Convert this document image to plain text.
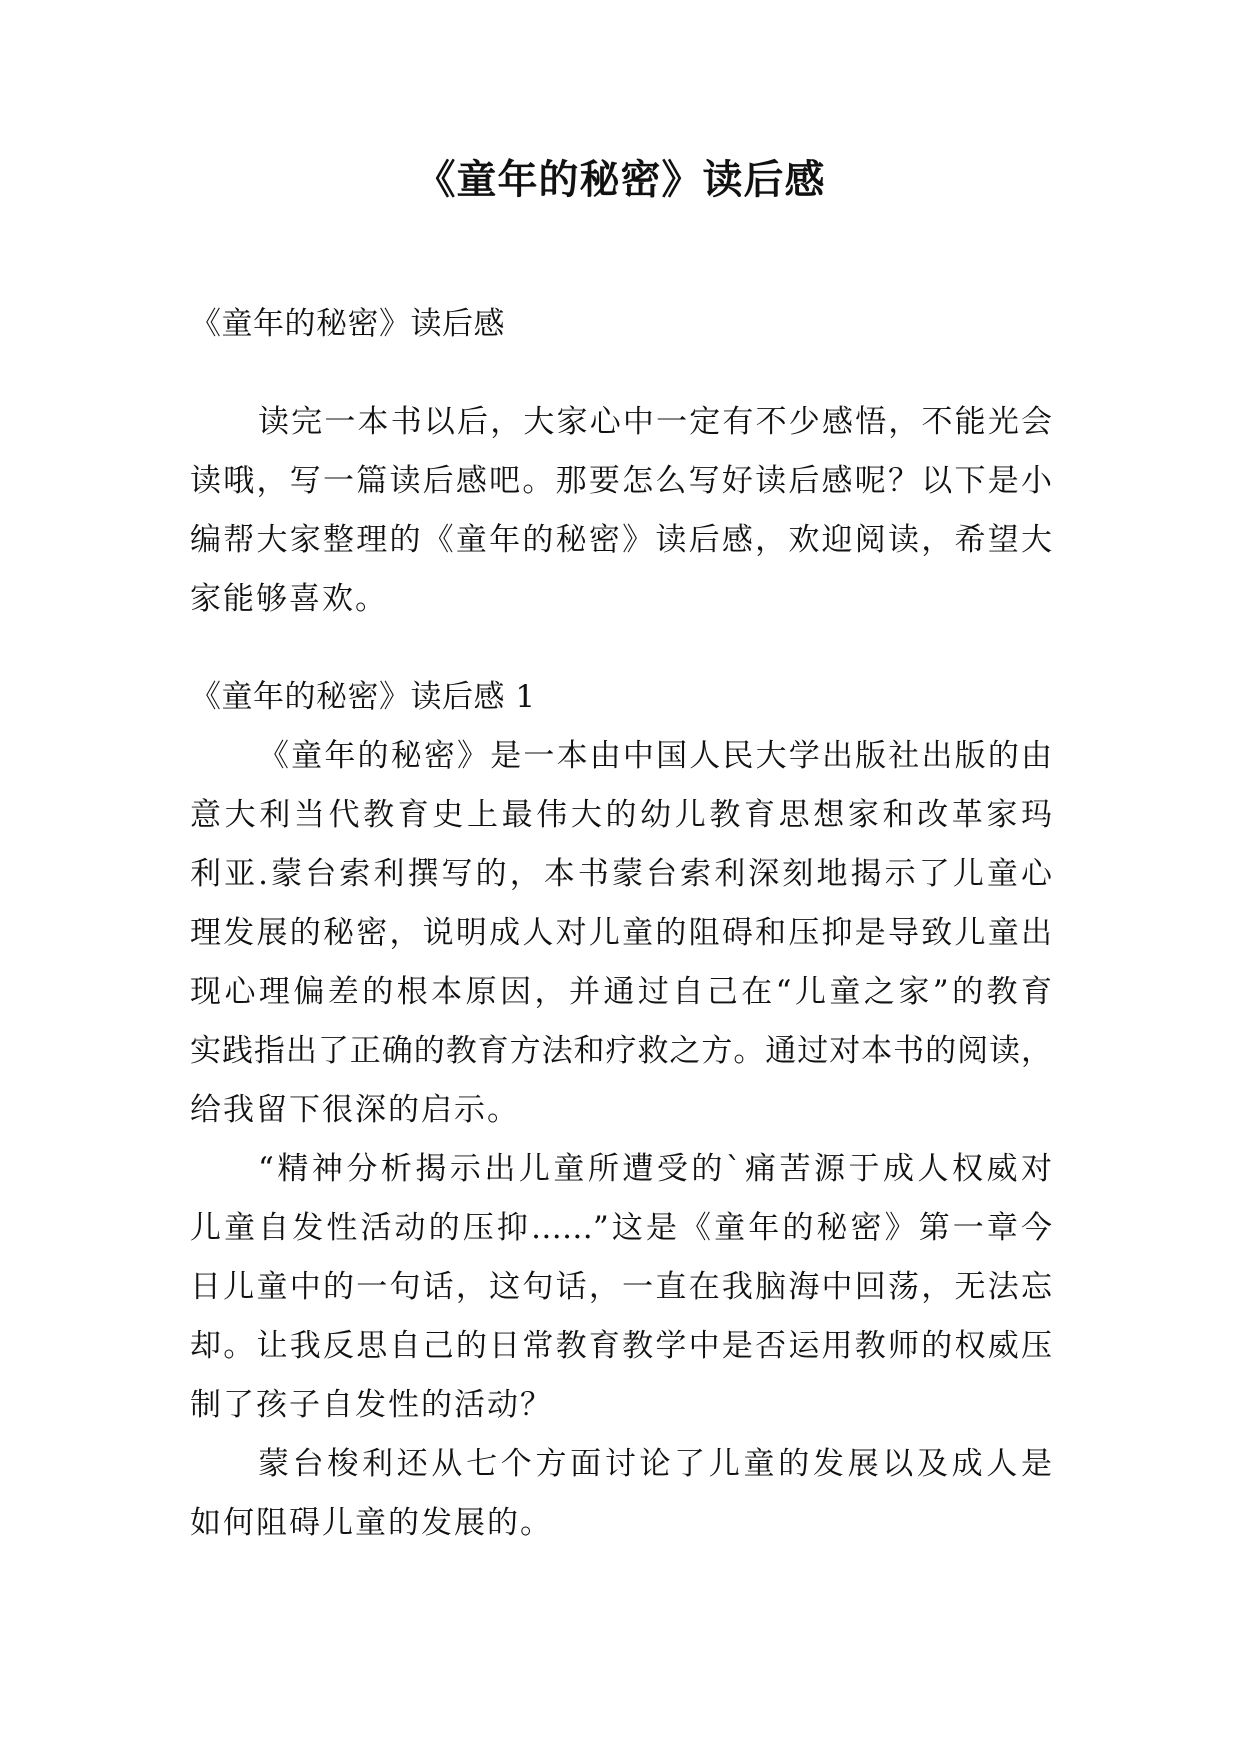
《童年的秘密》读后感

《童年的秘密》读后感

读完一本书以后，大家心中一定有不少感悟，不能光会

读哦，写一篇读后感吧。那要怎么写好读后感呢？以下是小

编帮大家整理的《童年的秘密》读后感，欢迎阅读，希望大

家能够喜欢。

《童年的秘密》读后感 1

《童年的秘密》是一本由中国人民大学出版社出版的由

意大利当代教育史上最伟大的幼儿教育思想家和改革家玛

利亚.蒙台索利撰写的，本书蒙台索利深刻地揭示了儿童心

理发展的秘密，说明成人对儿童的阻碍和压抑是导致儿童出

现心理偏差的根本原因，并通过自己在“儿童之家”的教育

实践指出了正确的教育方法和疗救之方。通过对本书的阅读，

给我留下很深的启示。

“精神分析揭示出儿童所遭受的`痛苦源于成人权威对

儿童自发性活动的压抑……”这是《童年的秘密》第一章今

日儿童中的一句话，这句话，一直在我脑海中回荡，无法忘

却。让我反思自己的日常教育教学中是否运用教师的权威压

制了孩子自发性的活动？

蒙台梭利还从七个方面讨论了儿童的发展以及成人是

如何阻碍儿童的发展的。
